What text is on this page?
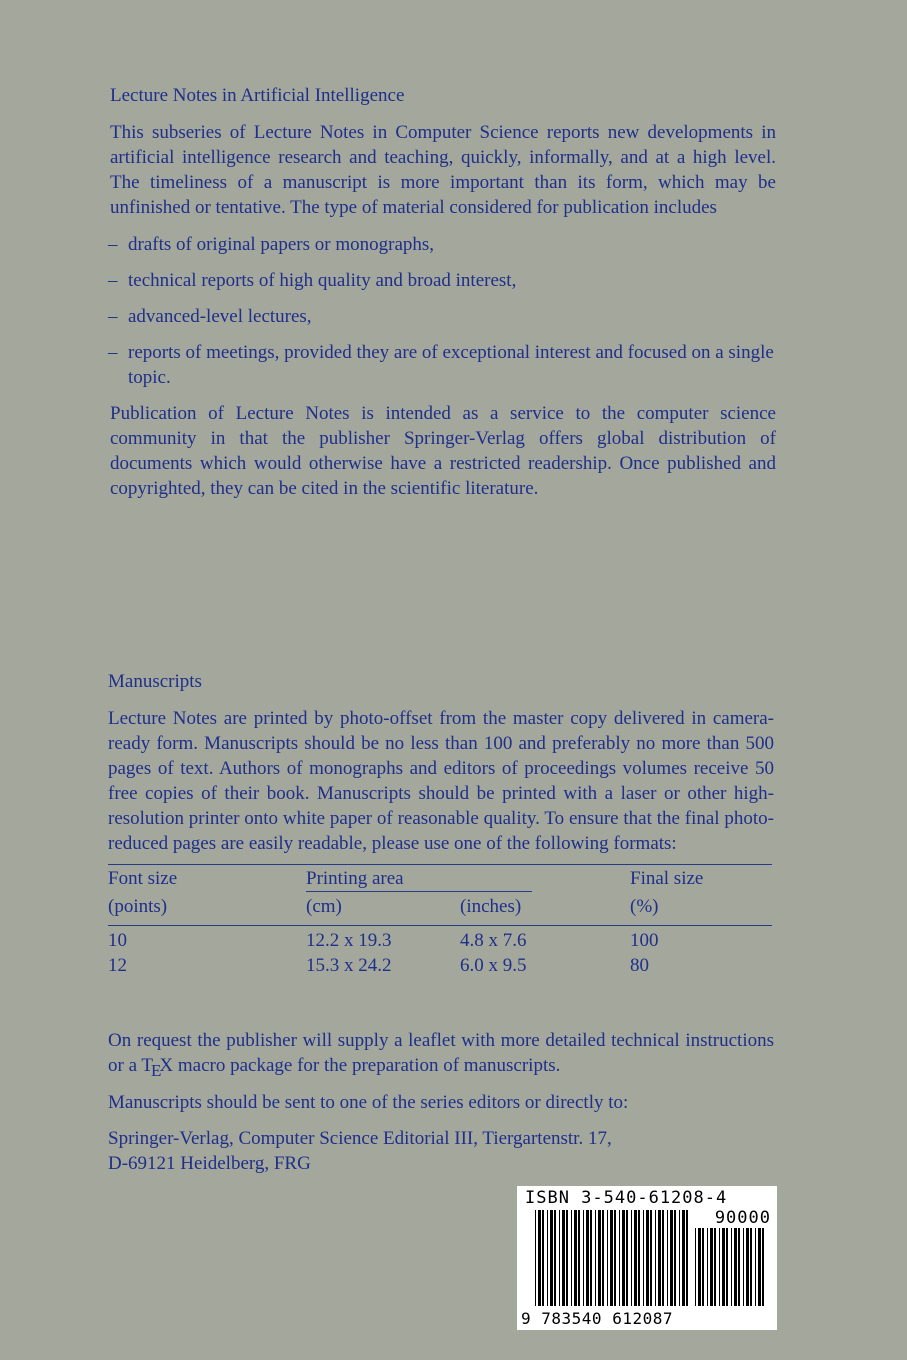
Lecture Notes in Artificial Intelligence

This subseries of Lecture Notes in Computer Science reports new developments in artificial intelligence research and teaching, quickly, informally, and at a high level. The timeliness of a manuscript is more important than its form, which may be unfinished or tentative. The type of material considered for publication includes

– drafts of original papers or monographs,
– technical reports of high quality and broad interest,
– advanced-level lectures,
– reports of meetings, provided they are of exceptional interest and focused on a single topic.

Publication of Lecture Notes is intended as a service to the computer science community in that the publisher Springer-Verlag offers global distribution of documents which would otherwise have a restricted readership. Once published and copyrighted, they can be cited in the scientific literature.

Manuscripts

Lecture Notes are printed by photo-offset from the master copy delivered in camera-ready form. Manuscripts should be no less than 100 and preferably no more than 500 pages of text. Authors of monographs and editors of proceedings volumes receive 50 free copies of their book. Manuscripts should be printed with a laser or other high-resolution printer onto white paper of reasonable quality. To ensure that the final photo-reduced pages are easily readable, please use one of the following formats:

Font size	Printing area	Final size
(points)	(cm)	(inches)	(%)
10	12.2 x 19.3	4.8 x 7.6	100
12	15.3 x 24.2	6.0 x 9.5	80

On request the publisher will supply a leaflet with more detailed technical instructions or a TEX macro package for the preparation of manuscripts.

Manuscripts should be sent to one of the series editors or directly to:

Springer-Verlag, Computer Science Editorial III, Tiergartenstr. 17,
D-69121 Heidelberg, FRG
ISBN 3-540-61208-4
90000
9 783540 612087
